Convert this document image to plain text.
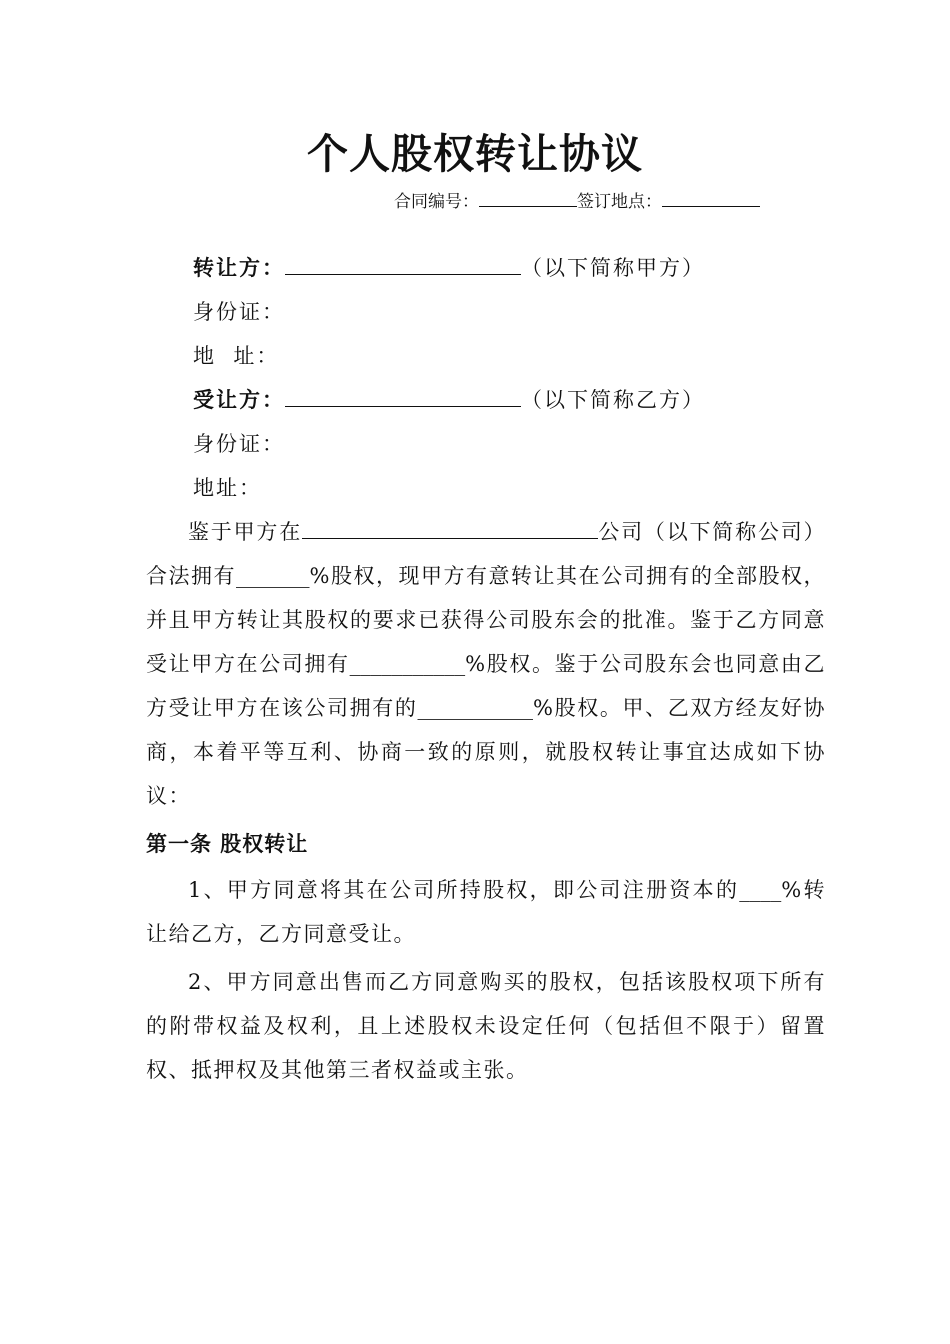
个人股权转让协议
合同编号：	签订地点：
转让方：	（以下简称甲方）
身份证：
地  址：
受让方：	（以下简称乙方）
身份证：
地址：

鉴于甲方在	公司（以下简称公司）合法拥有_______%股权，现甲方有意转让其在公司拥有的全部股权，并且甲方转让其股权的要求已获得公司股东会的批准。鉴于乙方同意受让甲方在公司拥有___________%股权。鉴于公司股东会也同意由乙方受让甲方在该公司拥有的___________%股权。甲、乙双方经友好协商，本着平等互利、协商一致的原则，就股权转让事宜达成如下协议：

第一条 股权转让

1、甲方同意将其在公司所持股权，即公司注册资本的____%转让给乙方，乙方同意受让。

2、甲方同意出售而乙方同意购买的股权，包括该股权项下所有的附带权益及权利，且上述股权未设定任何（包括但不限于）留置权、抵押权及其他第三者权益或主张。
